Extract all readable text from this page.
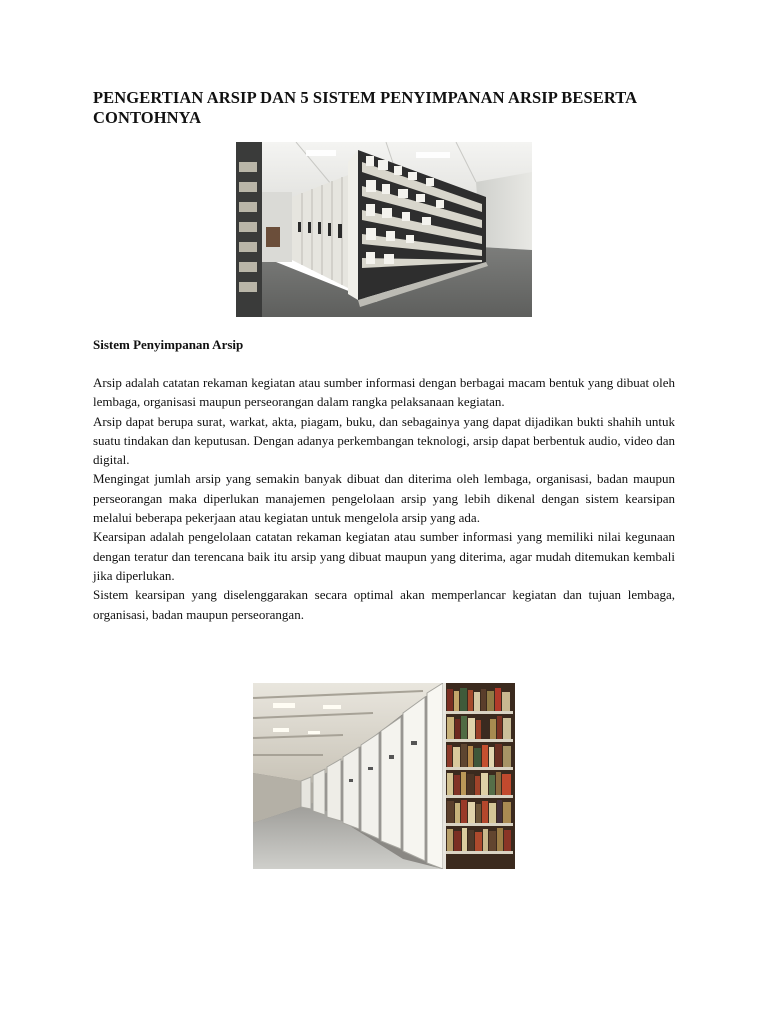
PENGERTIAN ARSIP DAN 5 SISTEM PENYIMPANAN ARSIP BESERTA CONTOHNYA
Sistem Penyimpanan Arsip

Arsip adalah catatan rekaman kegiatan atau sumber informasi dengan berbagai macam bentuk yang dibuat oleh lembaga, organisasi maupun perseorangan dalam rangka pelaksanaan kegiatan.

Arsip dapat berupa surat, warkat, akta, piagam, buku, dan sebagainya yang dapat dijadikan bukti shahih untuk suatu tindakan dan keputusan. Dengan adanya perkembangan teknologi, arsip dapat berbentuk audio, video dan digital.

Mengingat jumlah arsip yang semakin banyak dibuat dan diterima oleh lembaga, organisasi, badan maupun perseorangan maka diperlukan manajemen pengelolaan arsip yang lebih dikenal dengan sistem kearsipan melalui beberapa pekerjaan atau kegiatan untuk mengelola arsip yang ada.

Kearsipan adalah pengelolaan catatan rekaman kegiatan atau sumber informasi yang memiliki nilai kegunaan dengan teratur dan terencana baik itu arsip yang dibuat maupun yang diterima, agar mudah ditemukan kembali jika diperlukan.

Sistem kearsipan yang diselenggarakan secara optimal akan memperlancar kegiatan dan tujuan lembaga, organisasi, badan maupun perseorangan.
